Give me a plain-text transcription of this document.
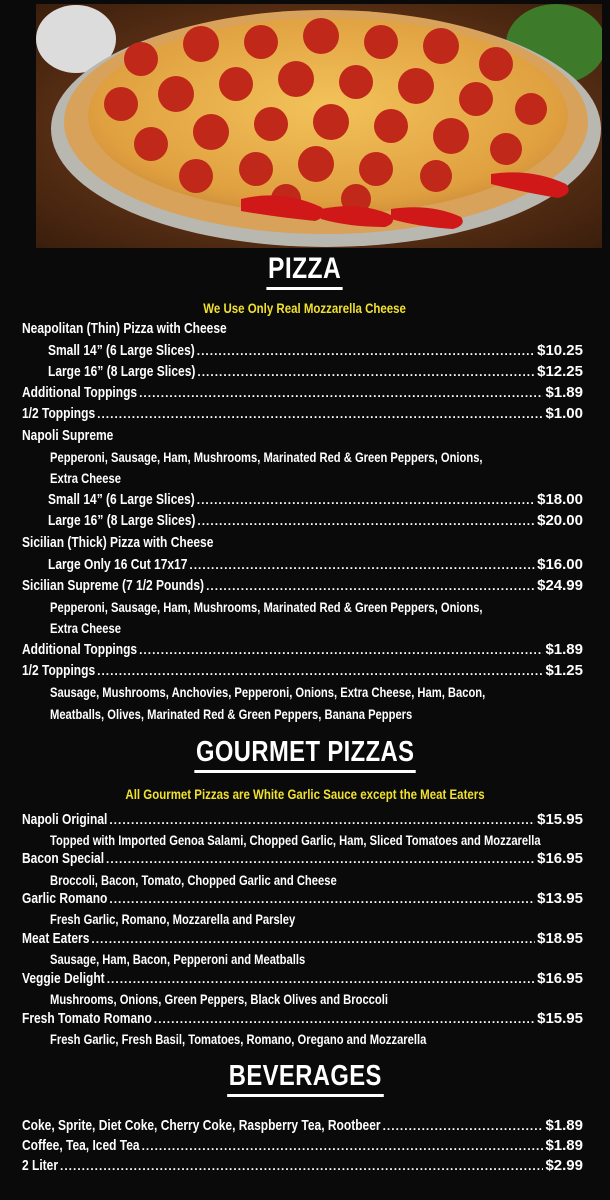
PIZZA
We Use Only Real Mozzarella Cheese
Neapolitan (Thin) Pizza with Cheese
Small 14” (6 Large Slices) .....	$10.25
Large 16” (8 Large Slices) .....	$12.25
Additional Toppings .....	$1.89
1/2 Toppings .....	$1.00
Napoli Supreme
Pepperoni, Sausage, Ham, Mushrooms, Marinated Red & Green Peppers, Onions,
Extra Cheese
Small 14” (6 Large Slices) .....	$18.00
Large 16” (8 Large Slices) .....	$20.00
Sicilian (Thick) Pizza with Cheese
Large Only 16 Cut 17x17 .....	$16.00
Sicilian Supreme (7 1/2 Pounds) .....	$24.99
Pepperoni, Sausage, Ham, Mushrooms, Marinated Red & Green Peppers, Onions,
Extra Cheese
Additional Toppings .....	$1.89
1/2 Toppings .....	$1.25
Sausage, Mushrooms, Anchovies, Pepperoni, Onions, Extra Cheese, Ham, Bacon,
Meatballs, Olives, Marinated Red & Green Peppers, Banana Peppers
GOURMET PIZZAS
All Gourmet Pizzas are White Garlic Sauce except the Meat Eaters
Napoli Original .....	$15.95
Topped with Imported Genoa Salami, Chopped Garlic, Ham, Sliced Tomatoes and Mozzarella
Bacon Special .....	$16.95
Broccoli, Bacon, Tomato, Chopped Garlic and Cheese
Garlic Romano .....	$13.95
Fresh Garlic, Romano, Mozzarella and Parsley
Meat Eaters .....	$18.95
Sausage, Ham, Bacon, Pepperoni and Meatballs
Veggie Delight .....	$16.95
Mushrooms, Onions, Green Peppers, Black Olives and Broccoli
Fresh Tomato Romano .....	$15.95
Fresh Garlic, Fresh Basil, Tomatoes, Romano, Oregano and Mozzarella
BEVERAGES
Coke, Sprite, Diet Coke, Cherry Coke, Raspberry Tea, Rootbeer .....	$1.89
Coffee, Tea, Iced Tea .....	$1.89
2 Liter .....	$2.99
